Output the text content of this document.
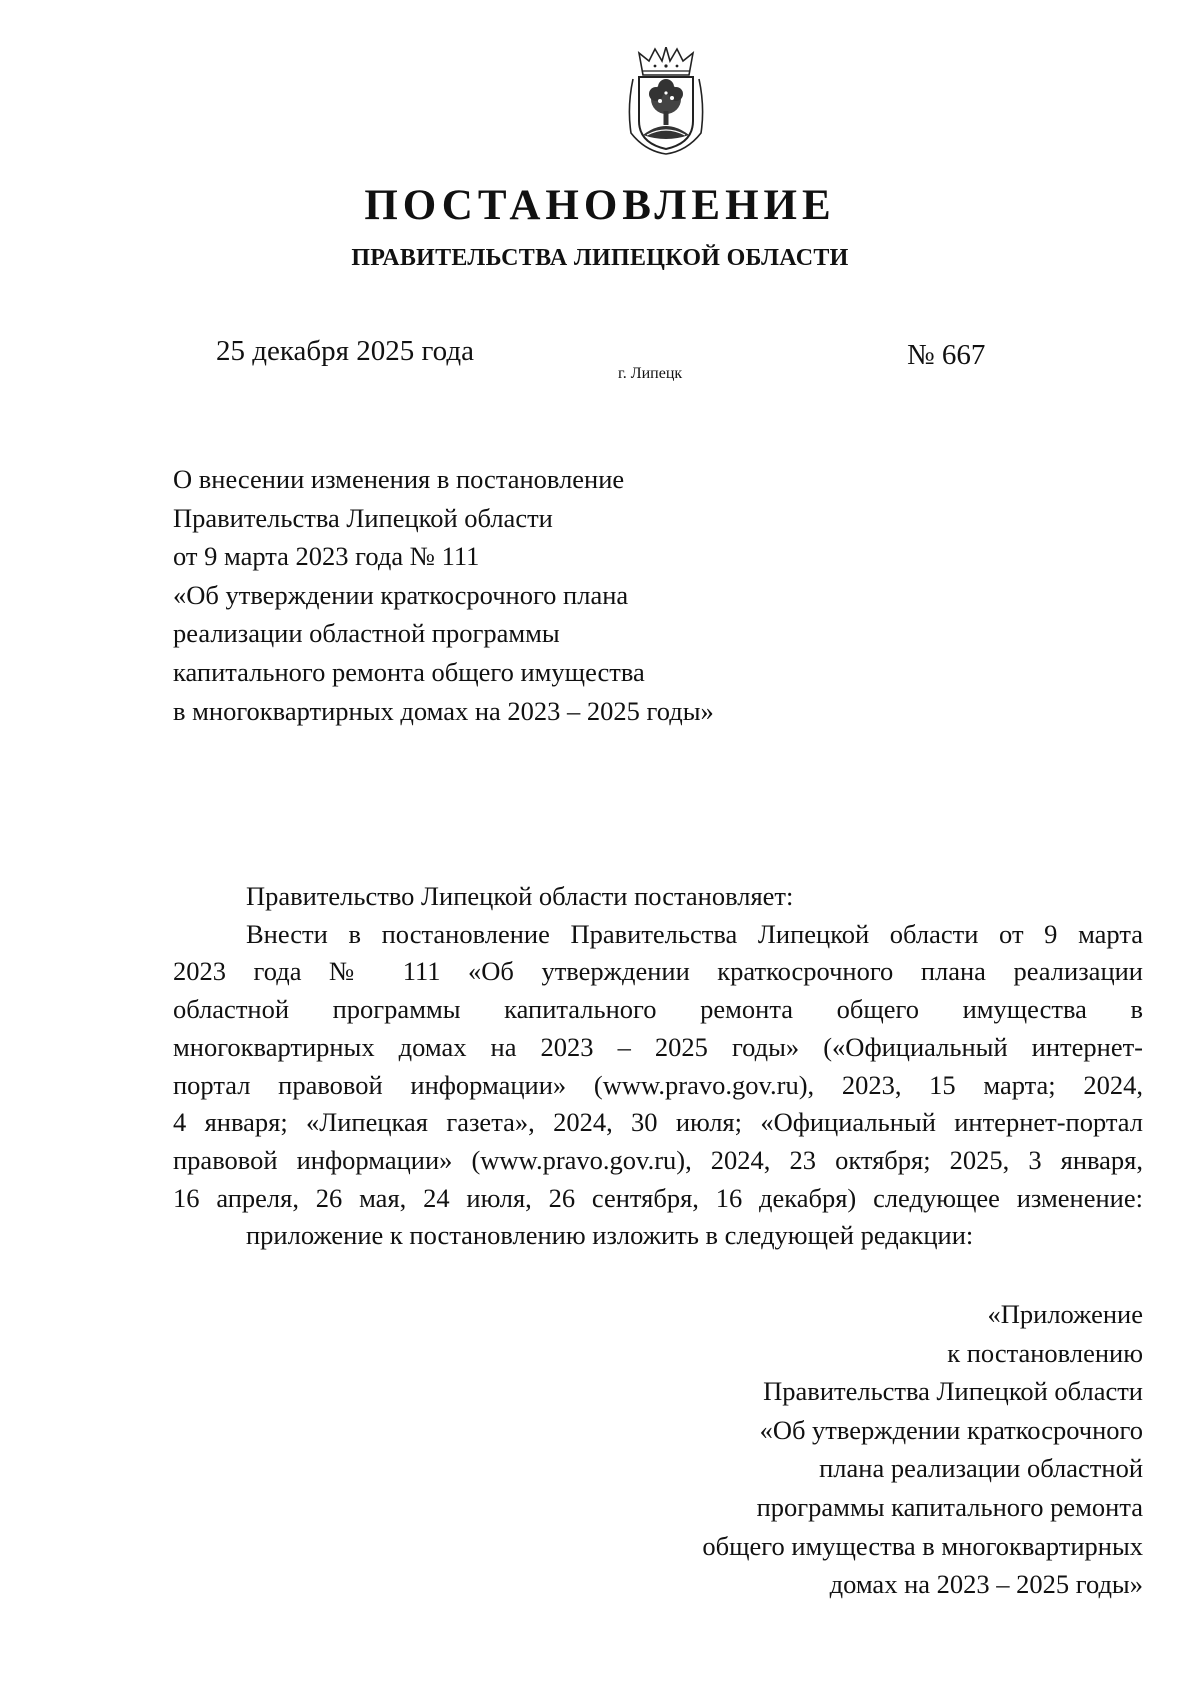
ПОСТАНОВЛЕНИЕ
ПРАВИТЕЛЬСТВА ЛИПЕЦКОЙ ОБЛАСТИ
25 декабря 2025 года
г. Липецк
№ 667
О внесении изменения в постановление
Правительства Липецкой области
от 9 марта 2023 года № 111
«Об утверждении краткосрочного плана
реализации областной программы
капитального ремонта общего имущества
в многоквартирных домах на 2023 – 2025 годы»
Правительство Липецкой области постановляет:
Внести в постановление Правительства Липецкой области от 9 марта
2023 года № 111 «Об утверждении краткосрочного плана реализации
областной программы капитального ремонта общего имущества в
многоквартирных домах на 2023 – 2025 годы» («Официальный интернет-
портал правовой информации» (www.pravo.gov.ru), 2023, 15 марта; 2024,
4 января; «Липецкая газета», 2024, 30 июля; «Официальный интернет-портал
правовой информации» (www.pravo.gov.ru), 2024, 23 октября; 2025, 3 января,
16 апреля, 26 мая, 24 июля, 26 сентября, 16 декабря) следующее изменение:
приложение к постановлению изложить в следующей редакции:
«Приложение
к постановлению
Правительства Липецкой области
«Об утверждении краткосрочного
плана реализации областной
программы капитального ремонта
общего имущества в многоквартирных
домах на 2023 – 2025 годы»
